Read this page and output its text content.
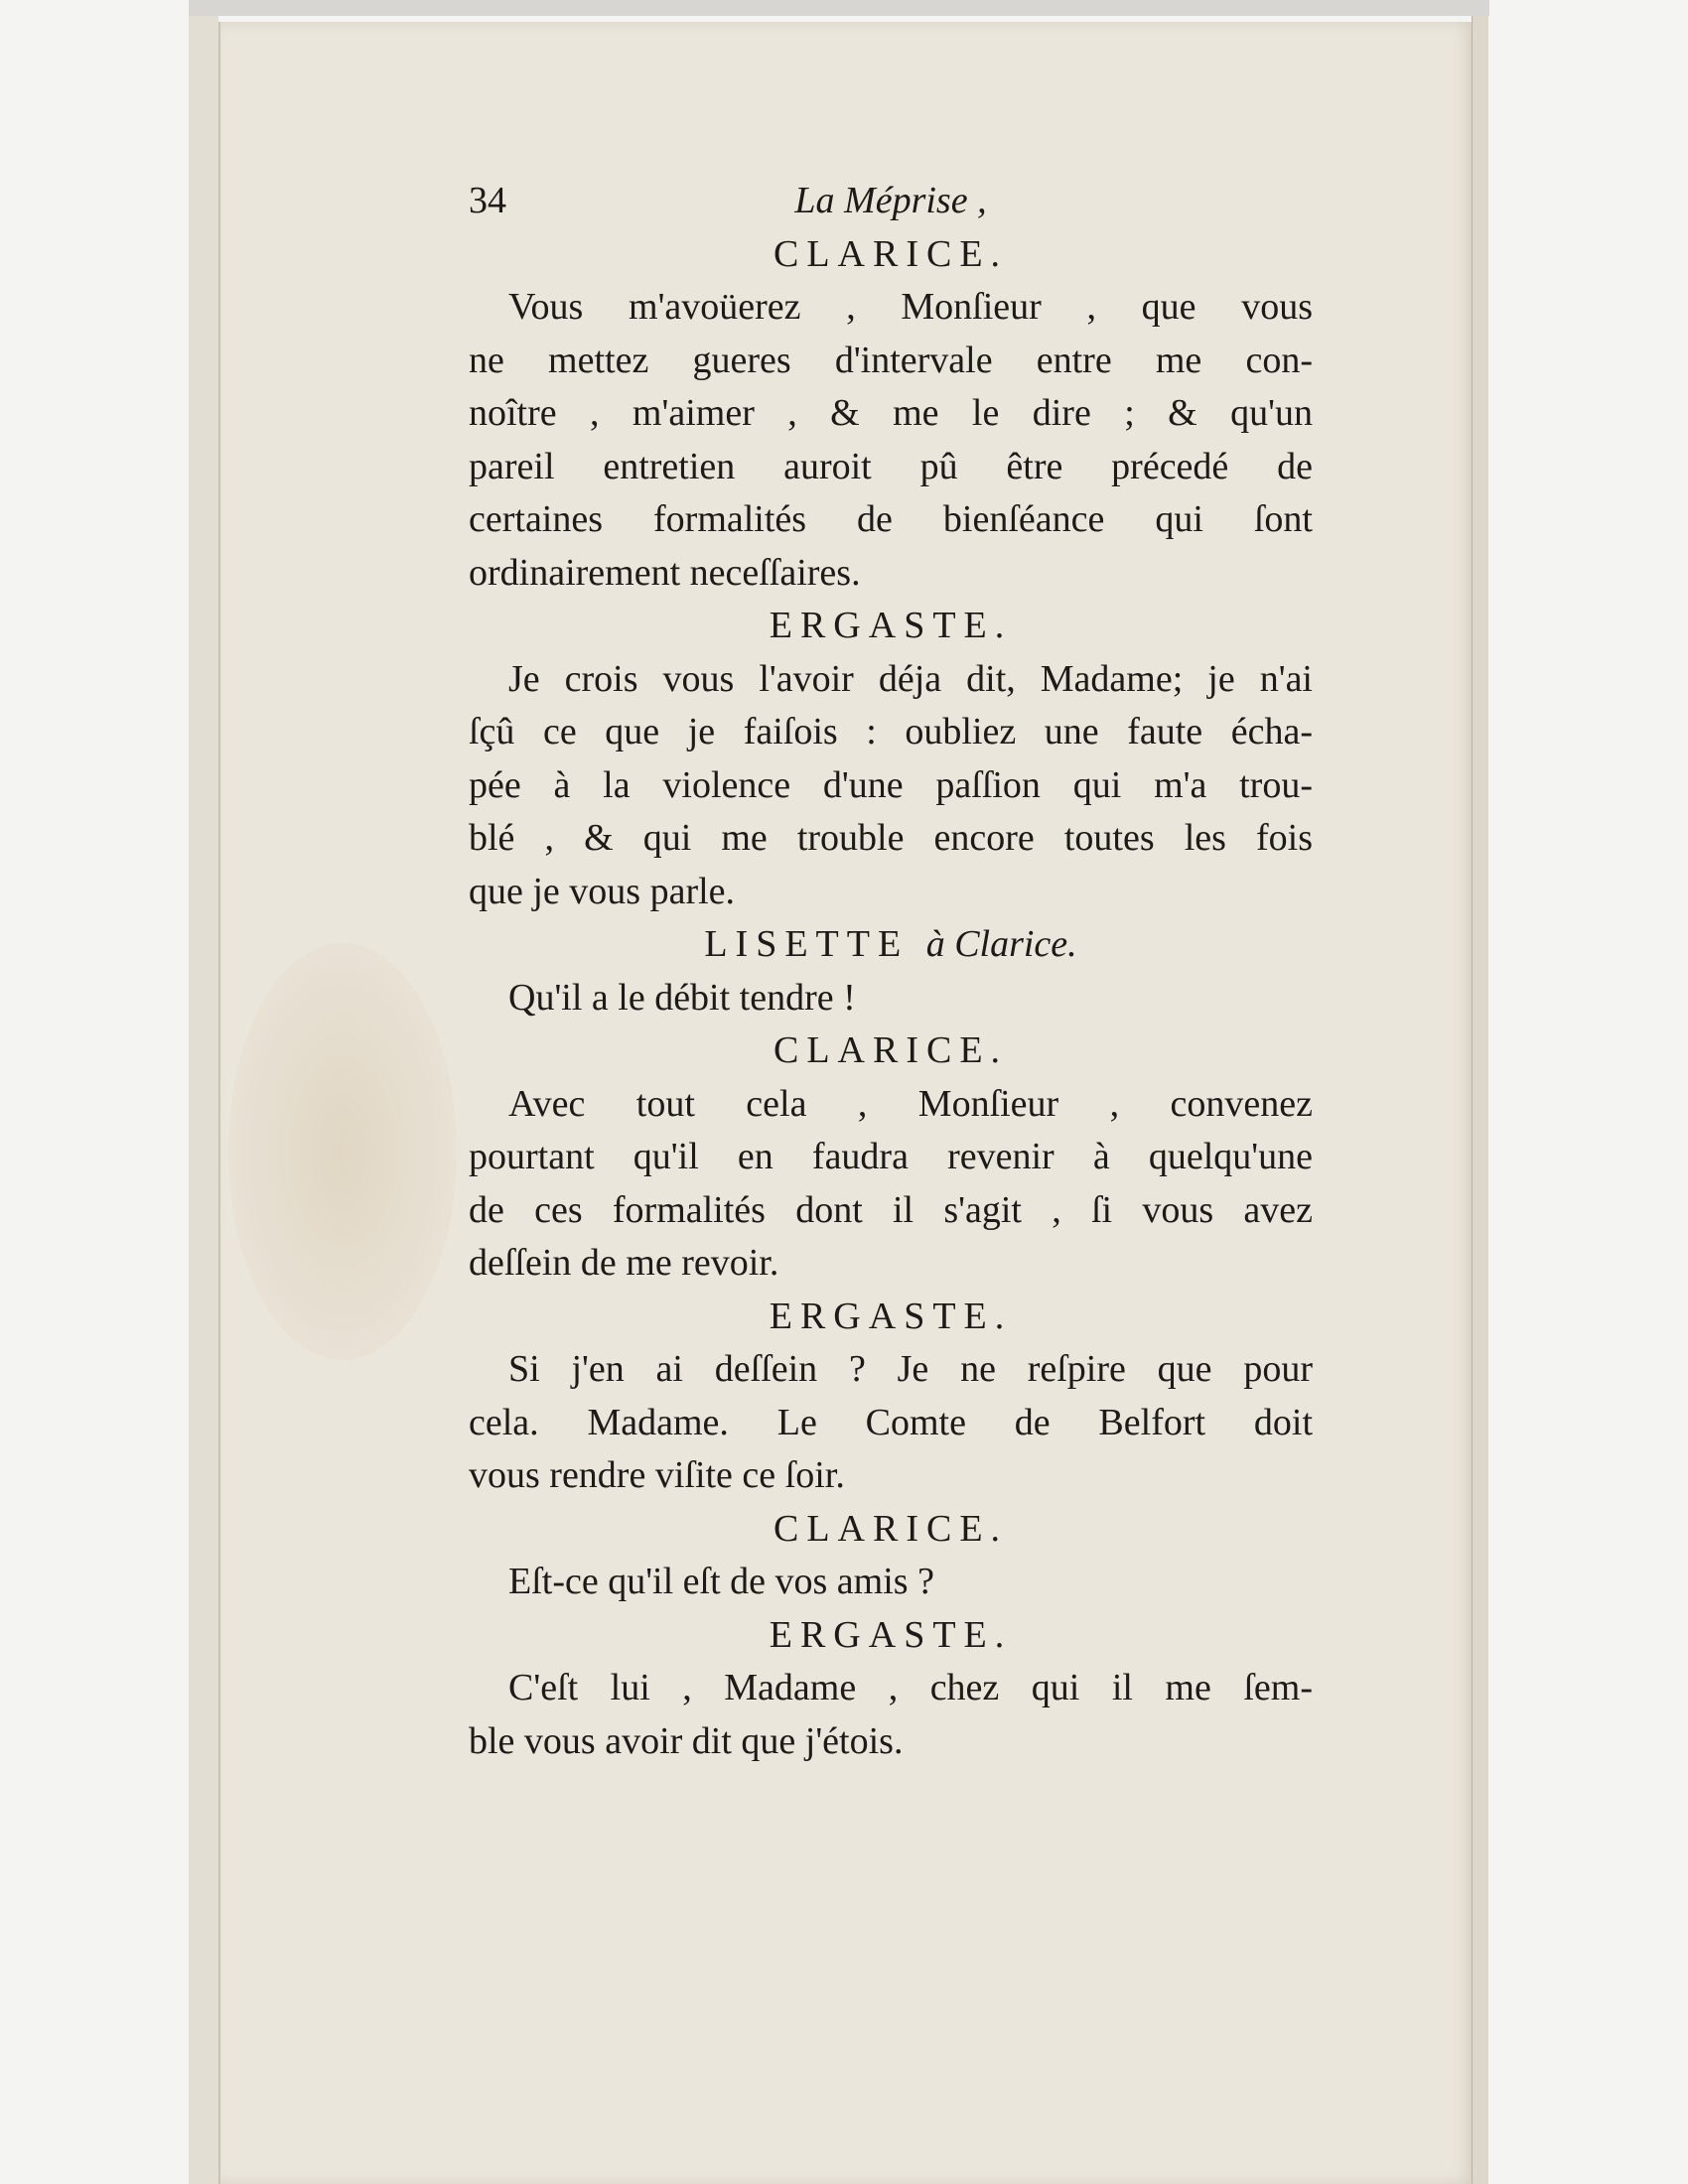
34	La Méprise ,
CLARICE.
Vous m'avoüerez , Monſieur , que vous
ne mettez gueres d'intervale entre me con-
noître , m'aimer , & me le dire ; & qu'un
pareil entretien auroit pû être précedé de
certaines formalités de bienſéance qui ſont
ordinairement neceſſaires.
ERGASTE.
Je crois vous l'avoir déja dit, Madame; je n'ai
ſçû ce que je faiſois : oubliez une faute écha-
pée à la violence d'une paſſion qui m'a trou-
blé , & qui me trouble encore toutes les fois
que je vous parle.
LISETTE à Clarice.
Qu'il a le débit tendre !
CLARICE.
Avec tout cela , Monſieur , convenez
pourtant qu'il en faudra revenir à quelqu'une
de ces formalités dont il s'agit , ſi vous avez
deſſein de me revoir.
ERGASTE.
Si j'en ai deſſein ? Je ne reſpire que pour
cela. Madame. Le Comte de Belfort doit
vous rendre viſite ce ſoir.
CLARICE.
Eſt-ce qu'il eſt de vos amis ?
ERGASTE.
C'eſt lui , Madame , chez qui il me ſem-
ble vous avoir dit que j'étois.
